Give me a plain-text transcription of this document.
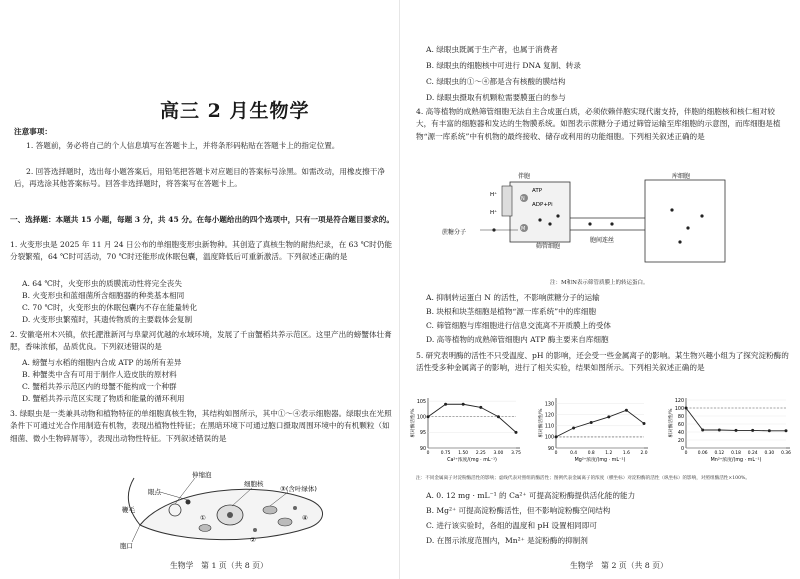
高三 2 月生物学

注意事项：

1. 答题前，务必将自己的个人信息填写在答题卡上，并将条形码粘贴在答题卡上的指定位置。

2. 回答选择题时，选出每小题答案后，用铅笔把答题卡对应题目的答案标号涂黑。如需改动，用橡皮擦干净后，再选涂其他答案标号。回答非选择题时，将答案写在答题卡上。

一、选择题：本题共 15 小题，每题 3 分，共 45 分。在每小题给出的四个选项中，只有一项是符合题目要求的。

1. 火变形虫是 2025 年 11 月 24 日公布的单细胞变形虫新物种。其创造了真核生物的耐热纪录，在 63 ℃时仍能分裂繁殖，64 ℃时可活动，70 ℃时还能形成休眠包囊，温度降低后可重新激活。下列叙述正确的是

A. 64 ℃时，火变形虫的质膜流动性将完全丧失

B. 火变形虫和蓝细菌所含细胞器的种类基本相同

C. 70 ℃时，火变形虫的休眠包囊内不存在能量转化

D. 火变形虫繁殖时，其遗传物质的主要载体会复制

2. 安徽亳州木兴镇，依托淝淮新河与阜蒙河优越的水域环境，发展了千亩蟹稻共养示范区。这里产出的螃蟹体壮膏肥，香味浓郁，品质优良。下列叙述错误的是

A. 螃蟹与水稻的细胞内合成 ATP 的场所有差异

B. 种蟹类中含有可用于制作人造皮肤的原材料

C. 蟹稻共养示范区内的母蟹不能构成一个种群

D. 蟹稻共养示范区实现了物质和能量的循环利用

3. 绿眼虫是一类兼具动物和植物特征的单细胞真核生物，其结构如图所示，其中①～④表示细胞器。绿眼虫在光照条件下可通过光合作用制造有机物，表现出植物性特征；在黑暗环境下可通过胞口摄取周围环境中的有机颗粒（如细菌、微小生物碎屑等），表现出动物性特征。下列叙述错误的是

伸缩泡
眼点
细胞核
③(含叶绿体)
胞口
鞭毛
①
②
④

生物学　第 1 页（共 8 页）

A. 绿眼虫既属于生产者，也属于消费者

B. 绿眼虫的细胞核中可进行 DNA 复制、转录

C. 绿眼虫的①～④都是含有核酸的膜结构

D. 绿眼虫摄取有机颗粒需要膜蛋白的参与

4. 高等植物的成熟筛管细胞无法自主合成蛋白质，必须依赖伴胞实现代谢支持，伴胞的细胞核和核仁相对较大，有丰富的细胞器和发达的生物膜系统。如图表示蔗糖分子通过筛管运输至库细胞的示意图，而库细胞是植物“源一库系统”中有机物的最终接收、储存或利用的功能细胞。下列相关叙述正确的是

伴胞
筛管细胞
库细胞
蔗糖分子
胞间连丝
ATP
ADP+Pi
H⁺
H⁺
N
M

注：M和N表示筛管质膜上的转运蛋白。

A. 抑制转运蛋白 N 的活性，不影响蔗糖分子的运输

B. 块根和块茎细胞是植物“源一库系统”中的库细胞

C. 筛管细胞与库细胞进行信息交流离不开质膜上的受体

D. 高等植物的成熟筛管细胞内 ATP 酶主要来自库细胞

5. 研究表明酶的活性不只受温度、pH 的影响，还会受一些金属离子的影响。某生物兴趣小组为了探究淀粉酶的活性受多种金属离子的影响，进行了相关实验，结果如图所示。下列相关叙述正确的是

90
95
100
105
0	0.75 1.50 2.25 3.00 3.75
Ca²⁺浓度/(mg · mL⁻¹)
相对酶活性/%
90
100
110
120
130
0	0.4 0.8 1.2 1.6 2.0
Mg²⁺浓度/(mg · mL⁻¹)
相对酶活性/%
0
20
40
60
80
100
120
0 0.06 0.12 0.18 0.24 0.30 0.36
Mn²⁺浓度/(mg · mL⁻¹)
相对酶活性/%

注：不同金属离子对淀粉酶活性的影响；虚线代表对照组的酶活性；图例代表金属离子的浓度（横坐标）对淀粉酶的活性（纵坐标）的影响，对照组酶活性×100%。

A. 0. 12 mg · mL⁻¹ 的 Ca²⁺ 可提高淀粉酶提供活化能的能力

B. Mg²⁺ 可提高淀粉酶活性，但不影响淀粉酶空间结构

C. 进行该实验时，各组的温度和 pH 设置相同即可

D. 在图示浓度范围内，Mn²⁺ 是淀粉酶的抑制剂

生物学　第 2 页（共 8 页）
